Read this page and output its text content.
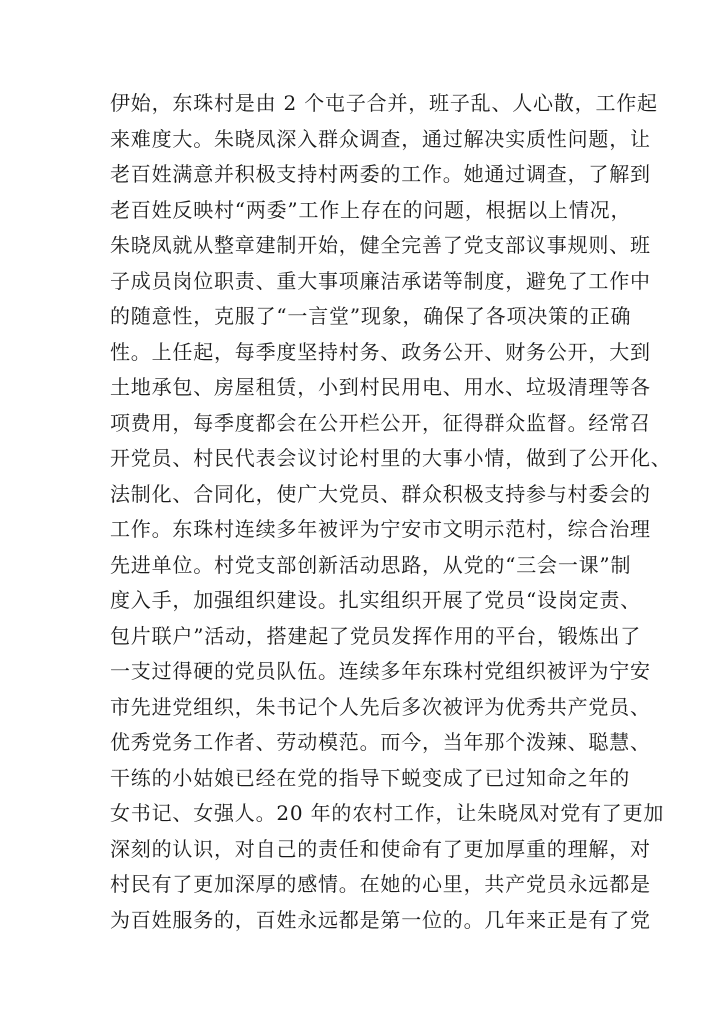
伊始，东珠村是由 2 个屯子合并，班子乱、人心散，工作起
来难度大。朱晓凤深入群众调查，通过解决实质性问题，让
老百姓满意并积极支持村两委的工作。她通过调查，了解到
老百姓反映村“两委”工作上存在的问题，根据以上情况，
朱晓凤就从整章建制开始，健全完善了党支部议事规则、班
子成员岗位职责、重大事项廉洁承诺等制度，避免了工作中
的随意性，克服了“一言堂”现象，确保了各项决策的正确
性。上任起，每季度坚持村务、政务公开、财务公开，大到
土地承包、房屋租赁，小到村民用电、用水、垃圾清理等各
项费用，每季度都会在公开栏公开，征得群众监督。经常召
开党员、村民代表会议讨论村里的大事小情，做到了公开化、
法制化、合同化，使广大党员、群众积极支持参与村委会的
工作。东珠村连续多年被评为宁安市文明示范村，综合治理
先进单位。村党支部创新活动思路，从党的“三会一课”制
度入手，加强组织建设。扎实组织开展了党员“设岗定责、
包片联户”活动，搭建起了党员发挥作用的平台，锻炼出了
一支过得硬的党员队伍。连续多年东珠村党组织被评为宁安
市先进党组织，朱书记个人先后多次被评为优秀共产党员、
优秀党务工作者、劳动模范。而今，当年那个泼辣、聪慧、
干练的小姑娘已经在党的指导下蜕变成了已过知命之年的
女书记、女强人。20 年的农村工作，让朱晓凤对党有了更加
深刻的认识，对自己的责任和使命有了更加厚重的理解，对
村民有了更加深厚的感情。在她的心里，共产党员永远都是
为百姓服务的，百姓永远都是第一位的。几年来正是有了党
